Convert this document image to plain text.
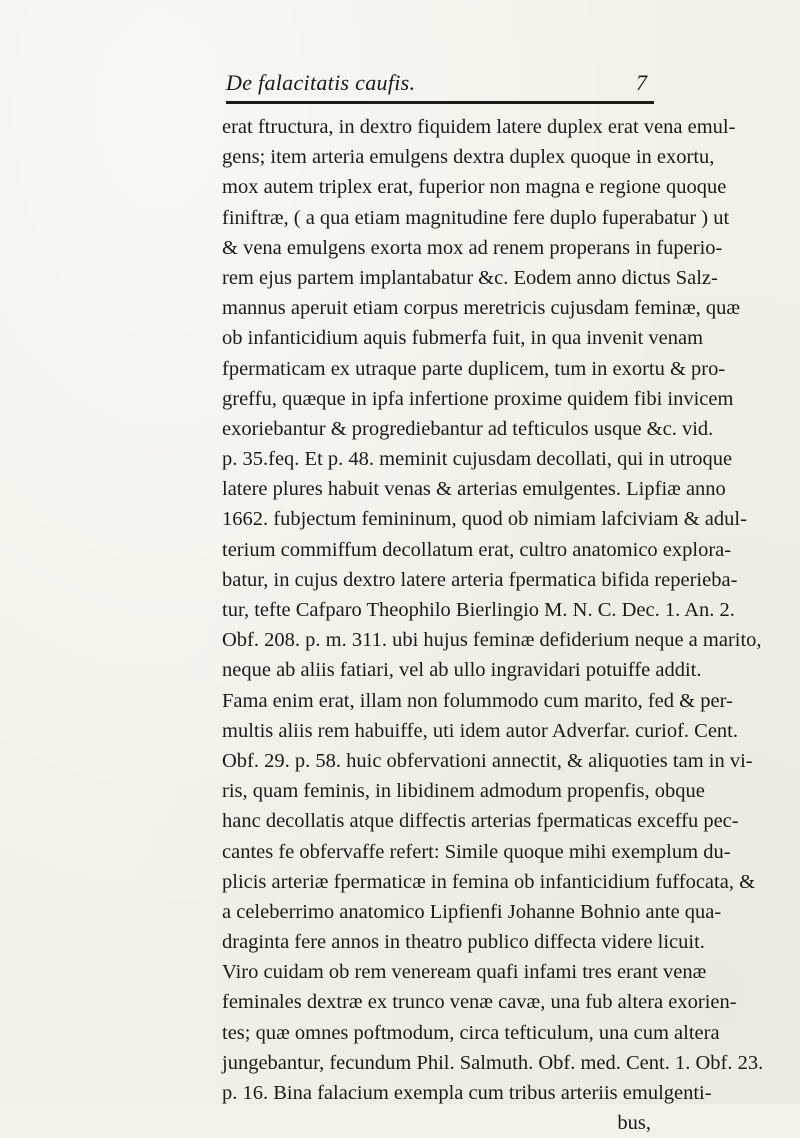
De falacitatis caufis.	7
erat ftructura, in dextro fiquidem latere duplex erat vena emul-
gens; item arteria emulgens dextra duplex quoque in exortu,
mox autem triplex erat, fuperior non magna e regione quoque
finiftræ, ( a qua etiam magnitudine fere duplo fuperabatur ) ut
& vena emulgens exorta mox ad renem properans in fuperio-
rem ejus partem implantabatur &c. Eodem anno dictus Salz-
mannus aperuit etiam corpus meretricis cujusdam feminæ, quæ
ob infanticidium aquis fubmerfa fuit, in qua invenit venam
fpermaticam ex utraque parte duplicem, tum in exortu & pro-
greffu, quæque in ipfa infertione proxime quidem fibi invicem
exoriebantur & progrediebantur ad tefticulos usque &c. vid.
p. 35.feq. Et p. 48. meminit cujusdam decollati, qui in utroque
latere plures habuit venas & arterias emulgentes. Lipfiæ anno
1662. fubjectum femininum, quod ob nimiam lafciviam & adul-
terium commiffum decollatum erat, cultro anatomico explora-
batur, in cujus dextro latere arteria fpermatica bifida reperieba-
tur, tefte Cafparo Theophilo Bierlingio M. N. C. Dec. 1. An. 2.
Obf. 208. p. m. 311. ubi hujus feminæ defiderium neque a marito,
neque ab aliis fatiari, vel ab ullo ingravidari potuiffe addit.
Fama enim erat, illam non folummodo cum marito, fed & per-
multis aliis rem habuiffe, uti idem autor Adverfar. curiof. Cent.
Obf. 29. p. 58. huic obfervationi annectit, & aliquoties tam in vi-
ris, quam feminis, in libidinem admodum propenfis, obque
hanc decollatis atque diffectis arterias fpermaticas exceffu pec-
cantes fe obfervaffe refert: Simile quoque mihi exemplum du-
plicis arteriæ fpermaticæ in femina ob infanticidium fuffocata, &
a celeberrimo anatomico Lipfienfi Johanne Bohnio ante qua-
draginta fere annos in theatro publico diffecta videre licuit.
Viro cuidam ob rem veneream quafi infami tres erant venæ
feminales dextræ ex trunco venæ cavæ, una fub altera exorien-
tes; quæ omnes poftmodum, circa tefticulum, una cum altera
jungebantur, fecundum Phil. Salmuth. Obf. med. Cent. 1. Obf. 23.
p. 16. Bina falacium exempla cum tribus arteriis emulgenti-
bus,
